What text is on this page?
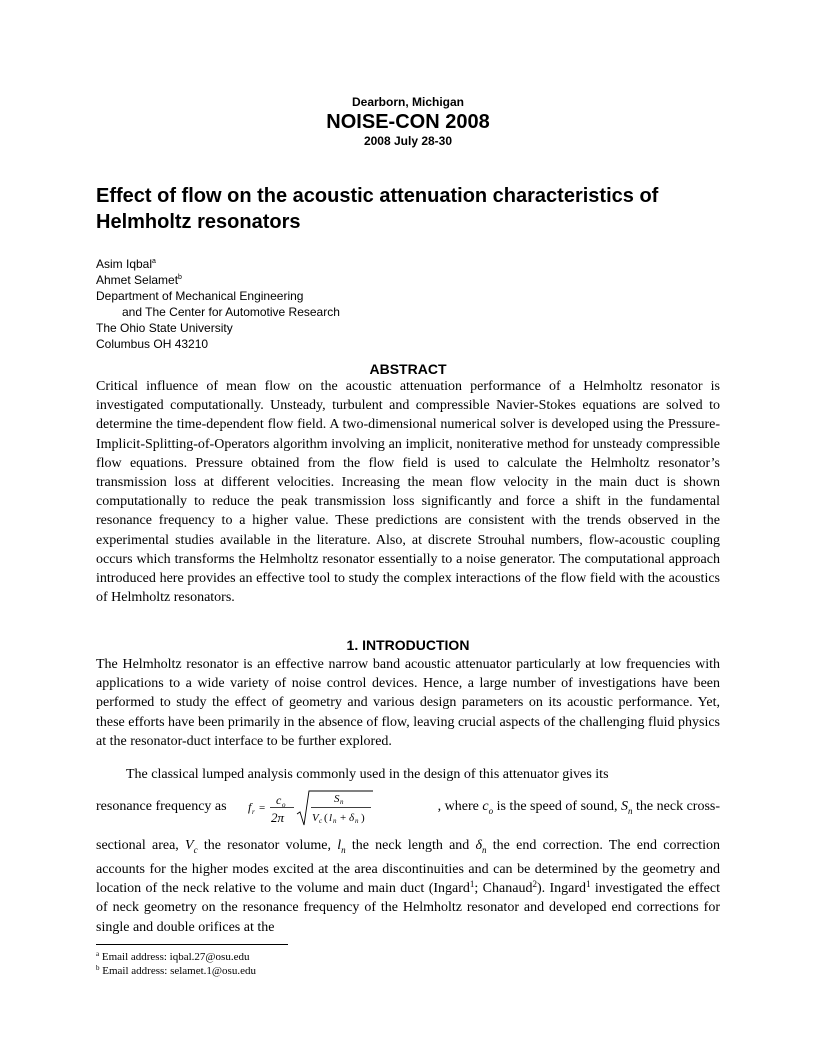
Dearborn, Michigan
NOISE-CON 2008
2008 July 28-30
Effect of flow on the acoustic attenuation characteristics of Helmholtz resonators
Asim Iqbal$^a$
Ahmet Selamet$^b$
Department of Mechanical Engineering
and The Center for Automotive Research
The Ohio State University
Columbus OH 43210
ABSTRACT
Critical influence of mean flow on the acoustic attenuation performance of a Helmholtz resonator is investigated computationally. Unsteady, turbulent and compressible Navier-Stokes equations are solved to determine the time-dependent flow field. A two-dimensional numerical solver is developed using the Pressure-Implicit-Splitting-of-Operators algorithm involving an implicit, noniterative method for unsteady compressible flow equations. Pressure obtained from the flow field is used to calculate the Helmholtz resonator’s transmission loss at different velocities. Increasing the mean flow velocity in the main duct is shown computationally to reduce the peak transmission loss significantly and force a shift in the fundamental resonance frequency to a higher value. These predictions are consistent with the trends observed in the experimental studies available in the literature. Also, at discrete Strouhal numbers, flow-acoustic coupling occurs which transforms the Helmholtz resonator essentially to a noise generator. The computational approach introduced here provides an effective tool to study the complex interactions of the flow field with the acoustics of Helmholtz resonators.
1. INTRODUCTION
The Helmholtz resonator is an effective narrow band acoustic attenuator particularly at low frequencies with applications to a wide variety of noise control devices. Hence, a large number of investigations have been performed to study the effect of geometry and various design parameters on its acoustic performance. Yet, these efforts have been primarily in the absence of flow, leaving crucial aspects of the challenging fluid physics at the resonator-duct interface to be further explored.
The classical lumped analysis commonly used in the design of this attenuator gives its
resonance frequency as f r =
c o
2π
S n
V c ( l n + δ n )
, where $c_o$ is the speed of sound, $S_n$ the neck cross-
sectional area, $V_c$ the resonator volume, $l_n$ the neck length and $\delta_n$ the end correction. The end correction accounts for the higher modes excited at the area discontinuities and can be determined by the geometry and location of the neck relative to the volume and main duct (Ingard$^1$; Chanaud$^2$). Ingard$^1$ investigated the effect of neck geometry on the resonance frequency of the Helmholtz resonator and developed end corrections for single and double orifices at the
$^a$ Email address: iqbal.27@osu.edu
$^b$ Email address: selamet.1@osu.edu
